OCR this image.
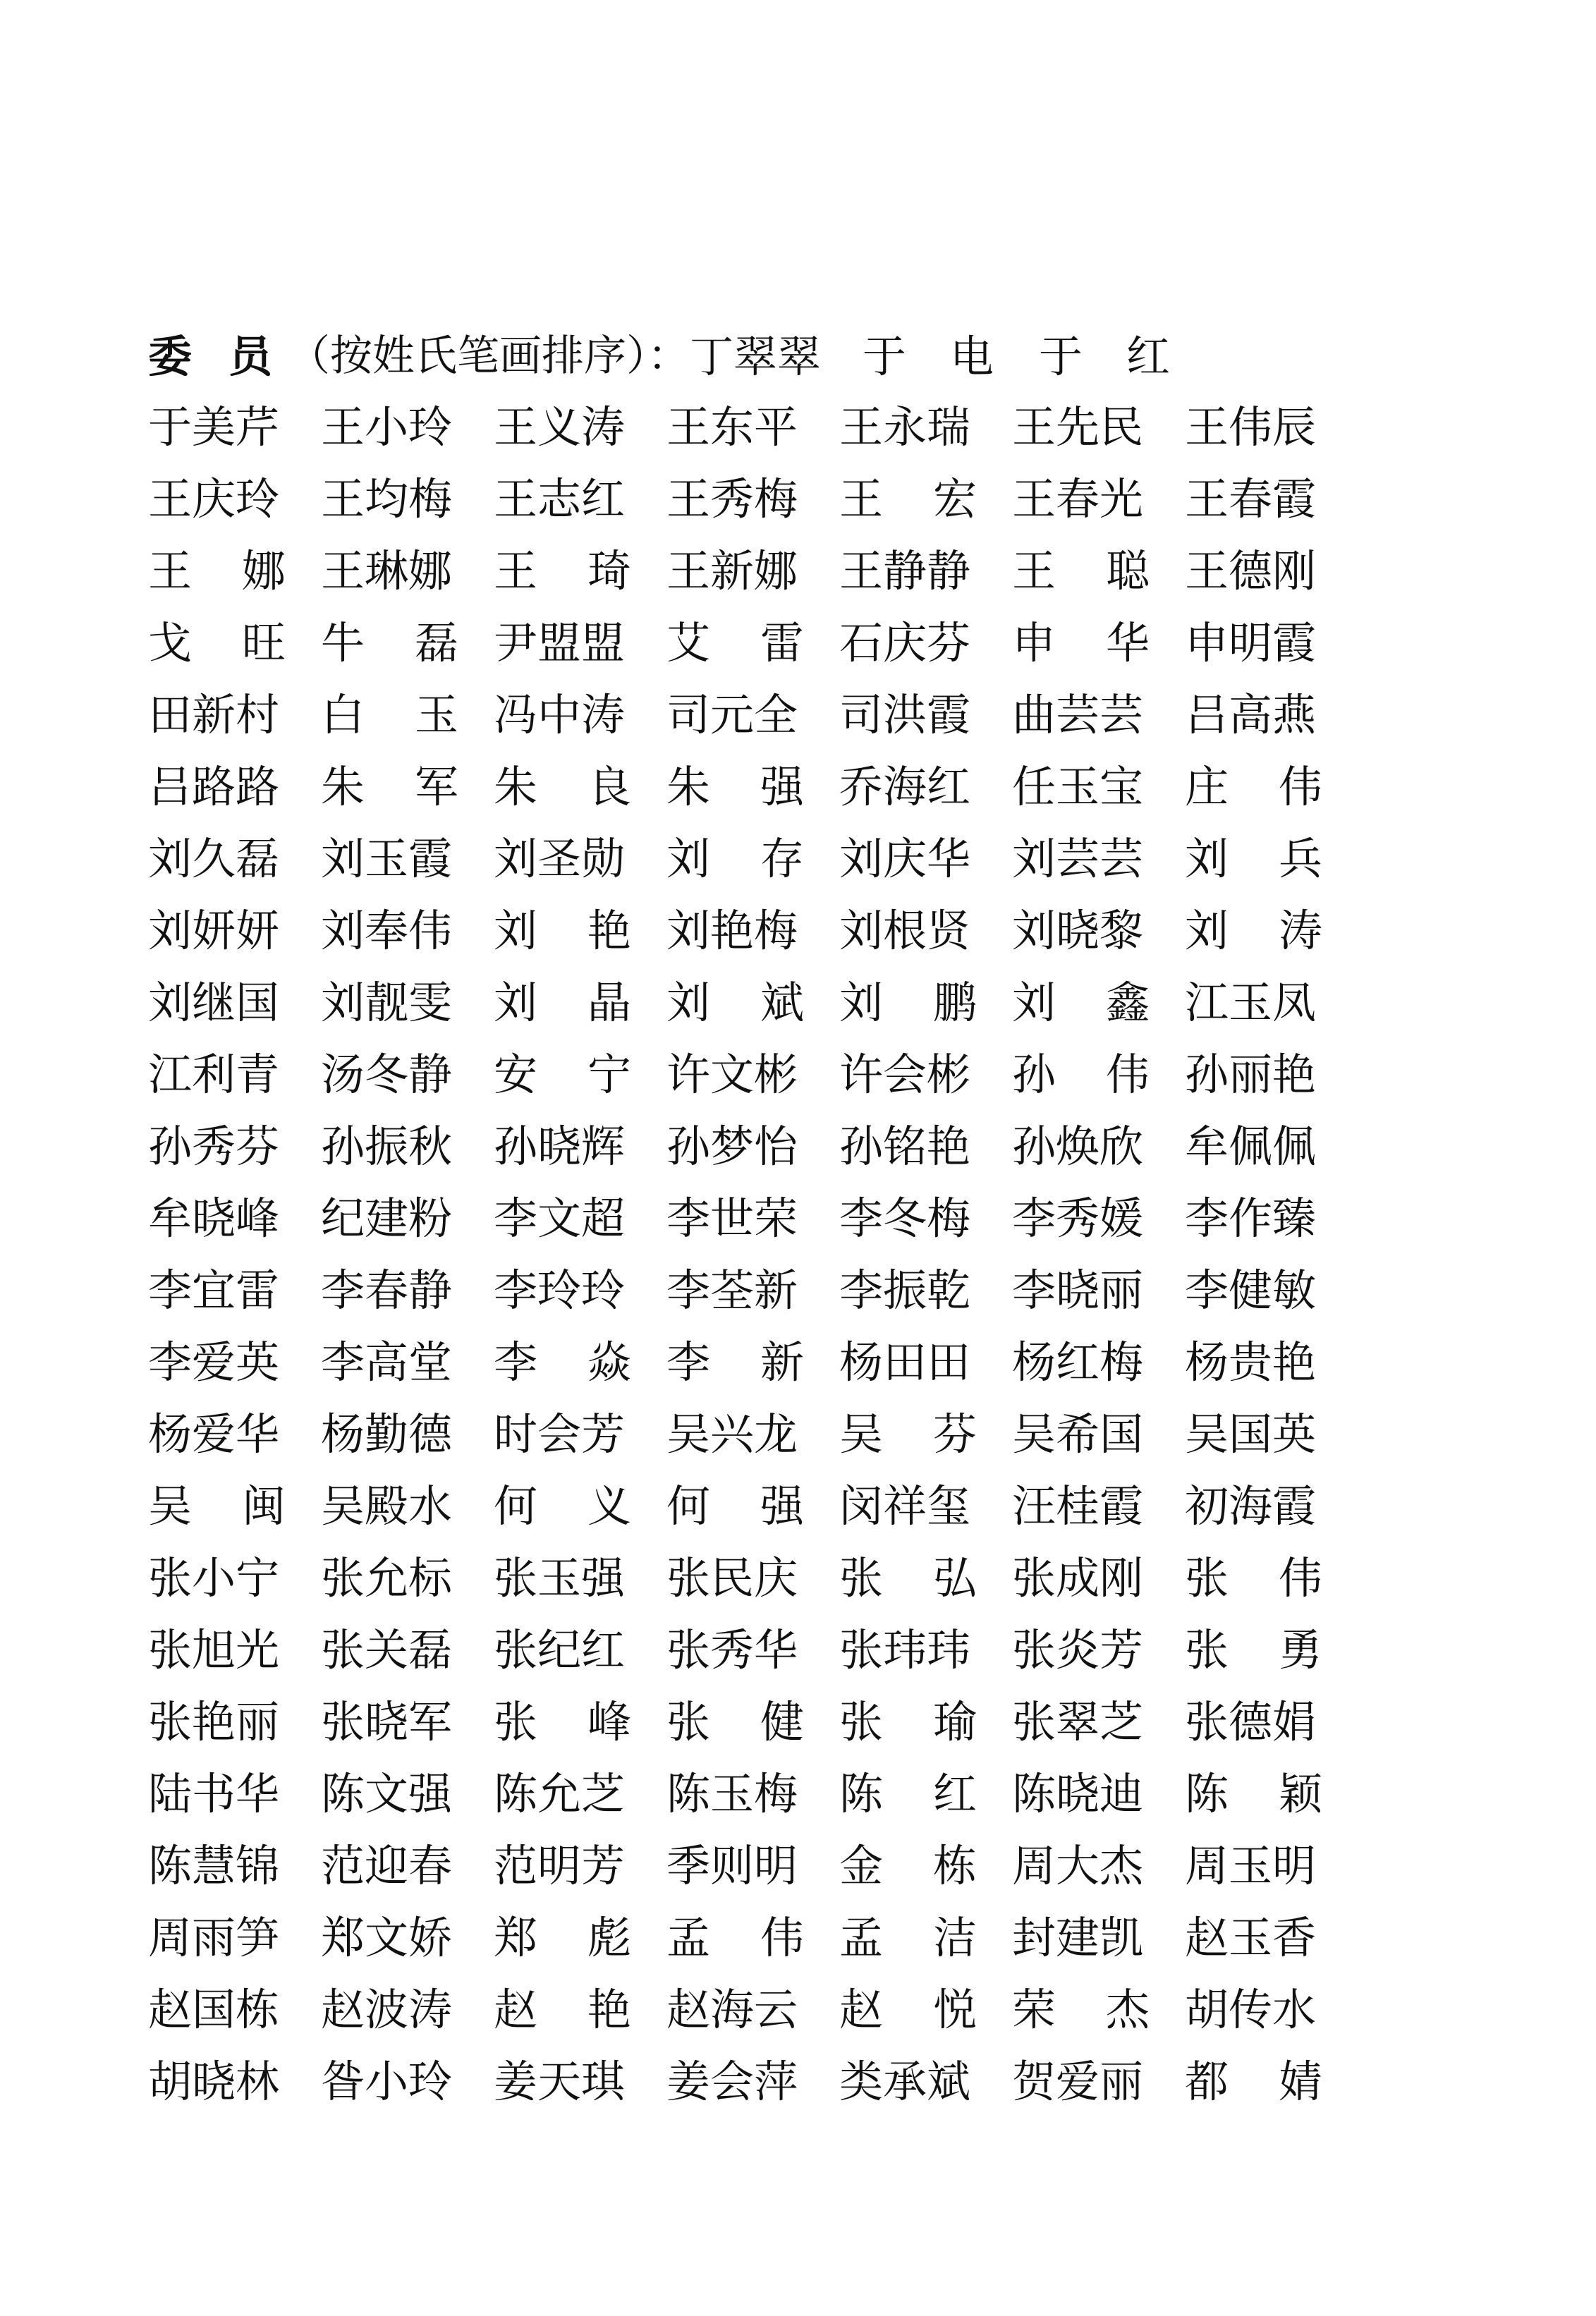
委员
（按姓氏笔画排序）： 丁翠翠 于　电	于　红
于美芹 王小玲 王义涛 王东平 王永瑞 王先民 王伟辰
王庆玲 王均梅 王志红 王秀梅 王 宏 王春光 王春霞
王 娜 王琳娜 王 琦 王新娜 王静静 王 聪 王德刚
戈 旺 牛 磊 尹盟盟 艾 雷 石庆芬 申 华 申明霞
田新村 白 玉 冯中涛 司元全 司洪霞 曲芸芸 吕高燕
吕路路 朱 军 朱 良 朱 强 乔海红 任玉宝 庄 伟
刘久磊 刘玉霞 刘圣勋 刘 存 刘庆华 刘芸芸 刘 兵
刘妍妍 刘奉伟 刘 艳 刘艳梅 刘根贤 刘晓黎 刘 涛
刘继国 刘靓雯 刘 晶 刘 斌 刘 鹏 刘 鑫 江玉凤
江利青 汤冬静 安 宁 许文彬 许会彬 孙 伟 孙丽艳
孙秀芬 孙振秋 孙晓辉 孙梦怡 孙铭艳 孙焕欣 牟佩佩
牟晓峰 纪建粉 李文超 李世荣 李冬梅 李秀媛 李作臻
李宜雷 李春静 李玲玲 李荃新 李振乾 李晓丽 李健敏
李爱英 李高堂 李 焱 李 新 杨田田 杨红梅 杨贵艳
杨爱华 杨勤德 时会芳 吴兴龙 吴 芬 吴希国 吴国英
吴 闽 吴殿水 何 义 何 强 闵祥玺 汪桂霞 初海霞
张小宁 张允标 张玉强 张民庆 张 弘 张成刚 张 伟
张旭光 张关磊 张纪红 张秀华 张玮玮 张炎芳 张 勇
张艳丽 张晓军 张 峰 张 健 张 瑜 张翠芝 张德娟
陆书华 陈文强 陈允芝 陈玉梅 陈 红 陈晓迪 陈 颖
陈慧锦 范迎春 范明芳 季则明 金 栋 周大杰 周玉明
周雨笋 郑文娇 郑 彪 孟 伟 孟 洁 封建凯 赵玉香
赵国栋 赵波涛 赵 艳 赵海云 赵 悦 荣 杰 胡传水
胡晓林 昝小玲 姜天琪 姜会萍 类承斌 贺爱丽 都 婧
